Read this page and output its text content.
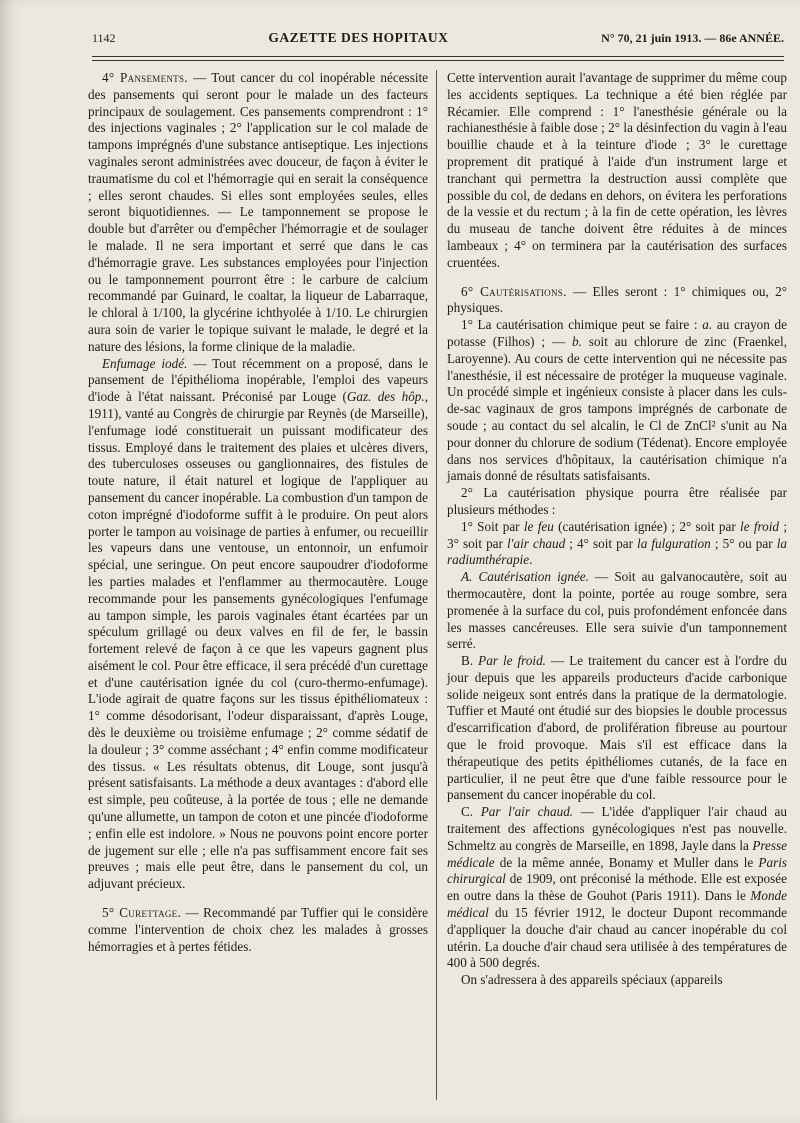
1142	GAZETTE DES HOPITAUX	N° 70, 21 juin 1913. — 86e ANNÉE.

4° Pansements. — Tout cancer du col inopérable nécessite des pansements qui seront pour le malade un des facteurs principaux de soulagement. Ces pansements comprendront : 1° des injections vaginales ; 2° l'application sur le col malade de tampons imprégnés d'une substance antiseptique. Les injections vaginales seront administrées avec douceur, de façon à éviter le traumatisme du col et l'hémorragie qui en serait la conséquence ; elles seront chaudes. Si elles sont employées seules, elles seront biquotidiennes. — Le tamponnement se propose le double but d'arrêter ou d'empêcher l'hémorragie et de soulager le malade. Il ne sera important et serré que dans le cas d'hémorragie grave. Les substances employées pour l'injection ou le tamponnement pourront être : le carbure de calcium recommandé par Guinard, le coaltar, la liqueur de Labarraque, le chloral à 1/100, la glycérine ichthyolée à 1/10. Le chirurgien aura soin de varier le topique suivant le malade, le degré et la nature des lésions, la forme clinique de la maladie.

Enfumage iodé. — Tout récemment on a proposé, dans le pansement de l'épithélioma inopérable, l'emploi des vapeurs d'iode à l'état naissant. Préconisé par Louge (Gaz. des hôp., 1911), vanté au Congrès de chirurgie par Reynès (de Marseille), l'enfumage iodé constituerait un puissant modificateur des tissus. Employé dans le traitement des plaies et ulcères divers, des tuberculoses osseuses ou ganglionnaires, des fistules de toute nature, il était naturel et logique de l'appliquer au pansement du cancer inopérable. La combustion d'un tampon de coton imprégné d'iodoforme suffit à le produire. On peut alors porter le tampon au voisinage de parties à enfumer, ou recueillir les vapeurs dans une ventouse, un entonnoir, un enfumoir spécial, une seringue. On peut encore saupoudrer d'iodoforme les parties malades et l'enflammer au thermocautère. Louge recommande pour les pansements gynécologiques l'enfumage au tampon simple, les parois vaginales étant écartées par un spéculum grillagé ou deux valves en fil de fer, le bassin fortement relevé de façon à ce que les vapeurs gagnent plus aisément le col. Pour être efficace, il sera précédé d'un curettage et d'une cautérisation ignée du col (curo-thermo-enfumage). L'iode agirait de quatre façons sur les tissus épithéliomateux : 1° comme désodorisant, l'odeur disparaissant, d'après Louge, dès le deuxième ou troisième enfumage ; 2° comme sédatif de la douleur ; 3° comme asséchant ; 4° enfin comme modificateur des tissus. « Les résultats obtenus, dit Louge, sont jusqu'à présent satisfaisants. La méthode a deux avantages : d'abord elle est simple, peu coûteuse, à la portée de tous ; elle ne demande qu'une allumette, un tampon de coton et une pincée d'iodoforme ; enfin elle est indolore. » Nous ne pouvons point encore porter de jugement sur elle ; elle n'a pas suffisamment encore fait ses preuves ; mais elle peut être, dans le pansement du col, un adjuvant précieux.

5° Curettage. — Recommandé par Tuffier qui le considère comme l'intervention de choix chez les malades à grosses hémorragies et à pertes fétides.

Cette intervention aurait l'avantage de supprimer du même coup les accidents septiques. La technique a été bien réglée par Récamier. Elle comprend : 1° l'anesthésie générale ou la rachianesthésie à faible dose ; 2° la désinfection du vagin à l'eau bouillie chaude et à la teinture d'iode ; 3° le curettage proprement dit pratiqué à l'aide d'un instrument large et tranchant qui permettra la destruction aussi complète que possible du col, de dedans en dehors, on évitera les perforations de la vessie et du rectum ; à la fin de cette opération, les lèvres du museau de tanche doivent être réduites à de minces lambeaux ; 4° on terminera par la cautérisation des surfaces cruentées.

6° Cautérisations. — Elles seront : 1° chimiques ou, 2° physiques.

1° La cautérisation chimique peut se faire : a. au crayon de potasse (Filhos) ; — b. soit au chlorure de zinc (Fraenkel, Laroyenne). Au cours de cette intervention qui ne nécessite pas l'anesthésie, il est nécessaire de protéger la muqueuse vaginale. Un procédé simple et ingénieux consiste à placer dans les culs-de-sac vaginaux de gros tampons imprégnés de carbonate de soude ; au contact du sel alcalin, le Cl de ZnCl² s'unit au Na pour donner du chlorure de sodium (Tédenat). Encore employée dans nos services d'hôpitaux, la cautérisation chimique n'a jamais donné de résultats satisfaisants.

2° La cautérisation physique pourra être réalisée par plusieurs méthodes :

1° Soit par le feu (cautérisation ignée) ; 2° soit par le froid ; 3° soit par l'air chaud ; 4° soit par la fulguration ; 5° ou par la radiumthérapie.

A. Cautérisation ignée. — Soit au galvanocautère, soit au thermocautère, dont la pointe, portée au rouge sombre, sera promenée à la surface du col, puis profondément enfoncée dans les masses cancéreuses. Elle sera suivie d'un tamponnement serré.

B. Par le froid. — Le traitement du cancer est à l'ordre du jour depuis que les appareils producteurs d'acide carbonique solide neigeux sont entrés dans la pratique de la dermatologie. Tuffier et Mauté ont étudié sur des biopsies le double processus d'escarrification d'abord, de prolifération fibreuse au pourtour que le froid provoque. Mais s'il est efficace dans la thérapeutique des petits épithéliomes cutanés, de la face en particulier, il ne peut être que d'une faible ressource pour le pansement du cancer inopérable du col.

C. Par l'air chaud. — L'idée d'appliquer l'air chaud au traitement des affections gynécologiques n'est pas nouvelle. Schmeltz au congrès de Marseille, en 1898, Jayle dans la Presse médicale de la même année, Bonamy et Muller dans le Paris chirurgical de 1909, ont préconisé la méthode. Elle est exposée en outre dans la thèse de Gouhot (Paris 1911). Dans le Monde médical du 15 février 1912, le docteur Dupont recommande d'appliquer la douche d'air chaud au cancer inopérable du col utérin. La douche d'air chaud sera utilisée à des températures de 400 à 500 degrés.

On s'adressera à des appareils spéciaux (appareils
